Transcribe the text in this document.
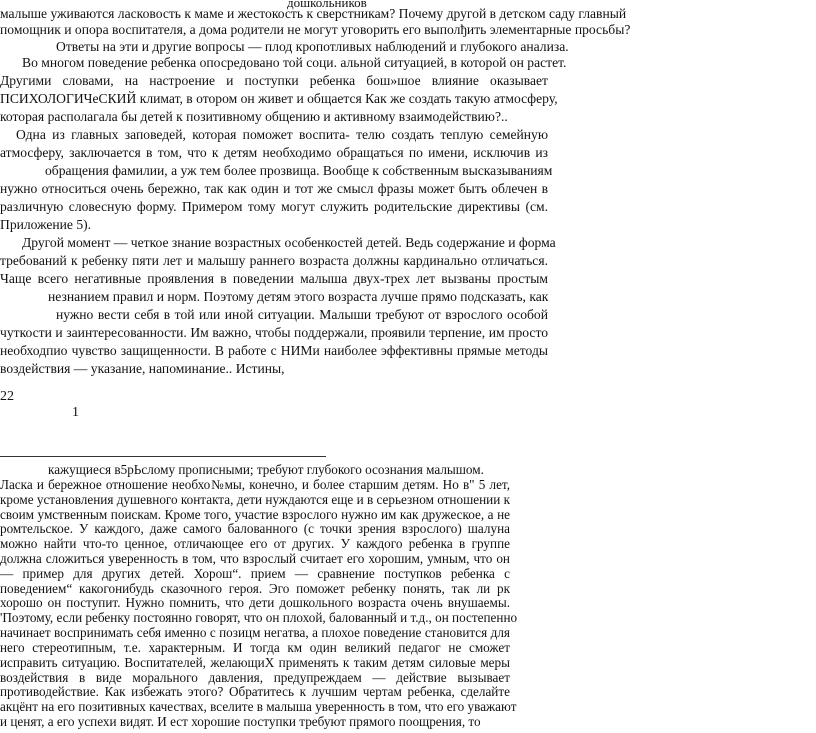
дошкольников

малыше уживаются ласковость к маме и жестокость к сверстникам? Почему другой в детском саду главный

помощник и опора воспитателя, а дома родители не могут уговорить его выполђить элементарные просьбы?

Ответы на эти и другие вопросы — плод кропотливых наблюдений и глубокого анализа.

Во многом поведение ребенка опосредовано той соци. альной ситуацией, в которой он растет.

Другими словами, на настроение и поступки ребенка бош»шое влияние оказывает

ПСИХОЛОГИЧеСКИЙ климат, в отором он живет и общается Как же создать такую атмосферу,

которая располагала бы детей к позитивному общению и активному взаимодействию?..

Одна из главных заповедей, которая поможет воспита- телю создать теплую семейную

атмосферу, заключается в том, что к детям необходимо обращаться по имени, исключив из

обращения фамилии, а уж тем более прозвища. Вообще к собственным высказываниям

нужно относиться очень бережно, так как один и тот же смысл фразы может быть облечен в

различную словесную форму. Примером тому могут служить родительские директивы (см.

Приложение 5).

Другой момент — четкое знание возрастных особенкостей детей. Ведь содержание и форма

требований к ребенку пяти лет и малышу раннего возраста должны кардинально отличаться.

Чаще всего негативные проявления в поведении малыша двух-трех лет вызваны простым

незнанием правил и норм. Поэтому детям этого возраста лучше прямо подсказать, как

нужно вести себя в той или иной ситуации. Малыши требуют от взрослого особой

чуткости и заинтересованности. Им важно, чтобы поддержали, проявили терпение, им просто

необходпио чувство защищенности. В работе с НИМи наиболее эффективны прямые методы

воздействия — указание, напоминание.. Истины,

22

1

кажущиеся в5рЬслому прописными; требуют глубокого осознания малышом.

Ласка и бережное отношение необхо№мы, конечно, и более старшим детям. Но в" 5 лет,

кроме установления душевного контакта, дети нуждаются еще и в серьезном отношении к

своим умственным поискам. Кроме того, участие взрослого нужно им как дружеское, а не

ромтельское. У каждого, даже самого балованного (с точки зрения взрослого) шалуна

можно найти что-то ценное, отличающее его от других. У каждого ребенка в группе

должна сложиться уверенность в том, что взрослый считает его хорошим, умным, что он

— пример для других детей. Хорош“. прием — сравнение поступков ребенка с

поведением“ какогонибудь сказочного героя. Эго поможет ребенку понять, так ли рк

хорошо он поступит. Нужно помнить, что дети дошкольного возраста очень внушаемы.

'Поэтому, если ребенку постоянно говорят, что он плохой, балованный и т.д., он постепенно

начинает воспринимать себя именно с позицм негатва, а плохое поведение становится для

него стереотипным, т.е. характерным. И тогда км один великий педагог не сможет

исправить ситуацию. Воспитателей, желающиХ применять к таким детям силовые меры

воздействия в виде морального давления, предупреждаем — действие вызывает

противодействие. Как избежать этого? Обратитесь к лучшим чертам ребенка, сделайте

акцёнт на его позитивных качествах, вселите в малыша уверенность в том, что его уважают

и ценят, а его успехи видят. И ест хорошие поступки требуют прямого поощрения, то
